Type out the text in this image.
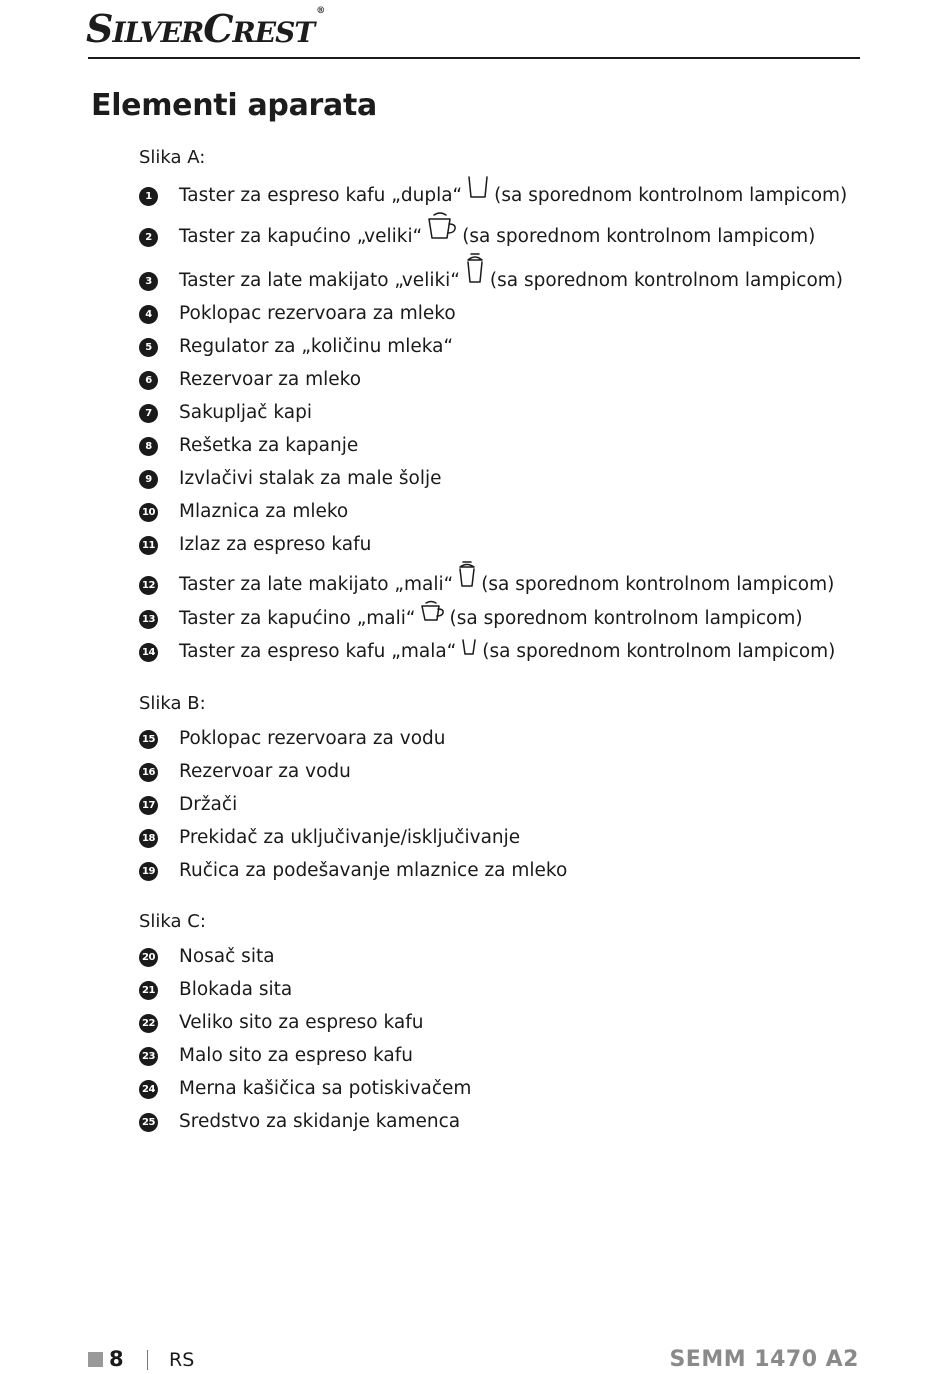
SILVERCREST®
Elementi aparata
Slika A:
1	Taster za espreso kafu „dupla“ (sa sporednom kontrolnom lampicom)
2	Taster za kapućino „veliki“ (sa sporednom kontrolnom lampicom)
3	Taster za late makijato „veliki“ (sa sporednom kontrolnom lampicom)
4	Poklopac rezervoara za mleko
5	Regulator za „količinu mleka“
6	Rezervoar za mleko
7	Sakupljač kapi
8	Rešetka za kapanje
9	Izvlačivi stalak za male šolje
10 Mlaznica za mleko
11 Izlaz za espreso kafu
12 Taster za late makijato „mali“ (sa sporednom kontrolnom lampicom)
13 Taster za kapućino „mali“ (sa sporednom kontrolnom lampicom)
14 Taster za espreso kafu „mala“ (sa sporednom kontrolnom lampicom)
Slika B:
15 Poklopac rezervoara za vodu
16 Rezervoar za vodu
17 Držači
18 Prekidač za uključivanje/isključivanje
19 Ručica za podešavanje mlaznice za mleko
Slika C:
20 Nosač sita
21 Blokada sita
22 Veliko sito za espreso kafu
23 Malo sito za espreso kafu
24 Merna kašičica sa potiskivačem
25 Sredstvo za skidanje kamenca
8 RS	SEMM 1470 A2
